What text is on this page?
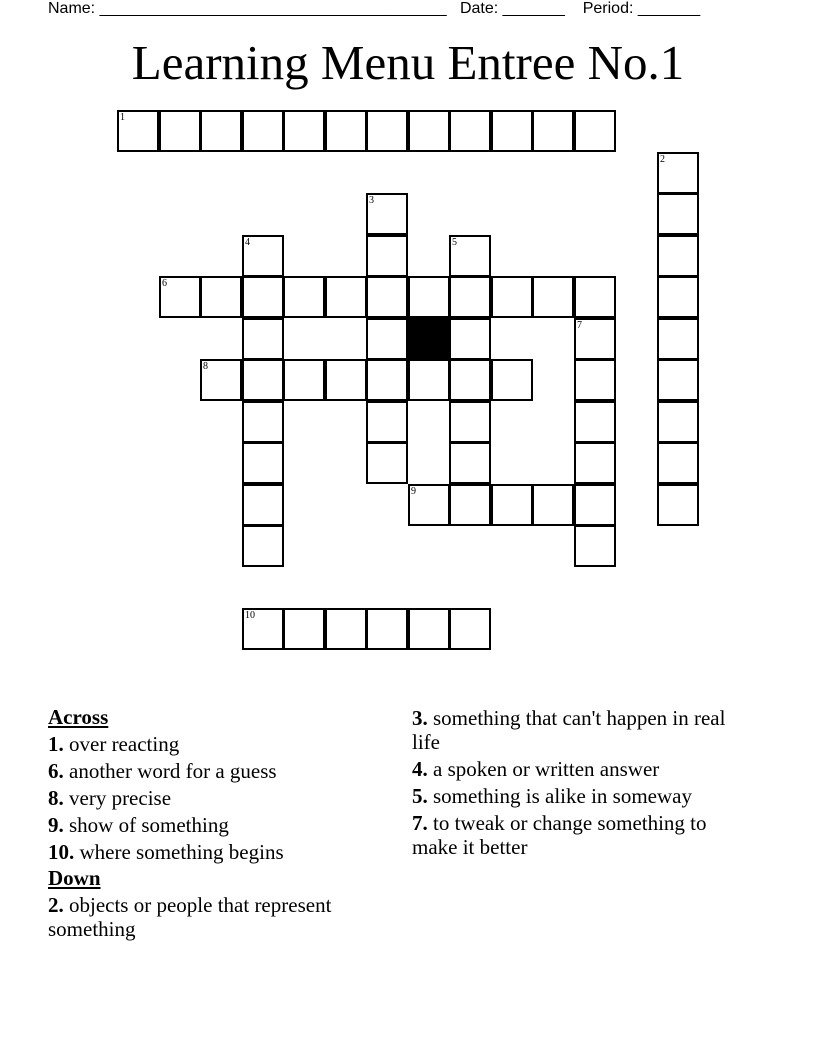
Name: _______________________________________ Date: _______ Period: _______
Learning Menu Entree No.1
1
2
3
4	5
6
7
8
9
10
Across
1. over reacting
6. another word for a guess
8. very precise
9. show of something
10. where something begins
Down
2. objects or people that represent something
3. something that can't happen in real life
4. a spoken or written answer
5. something is alike in someway
7. to tweak or change something to make it better
